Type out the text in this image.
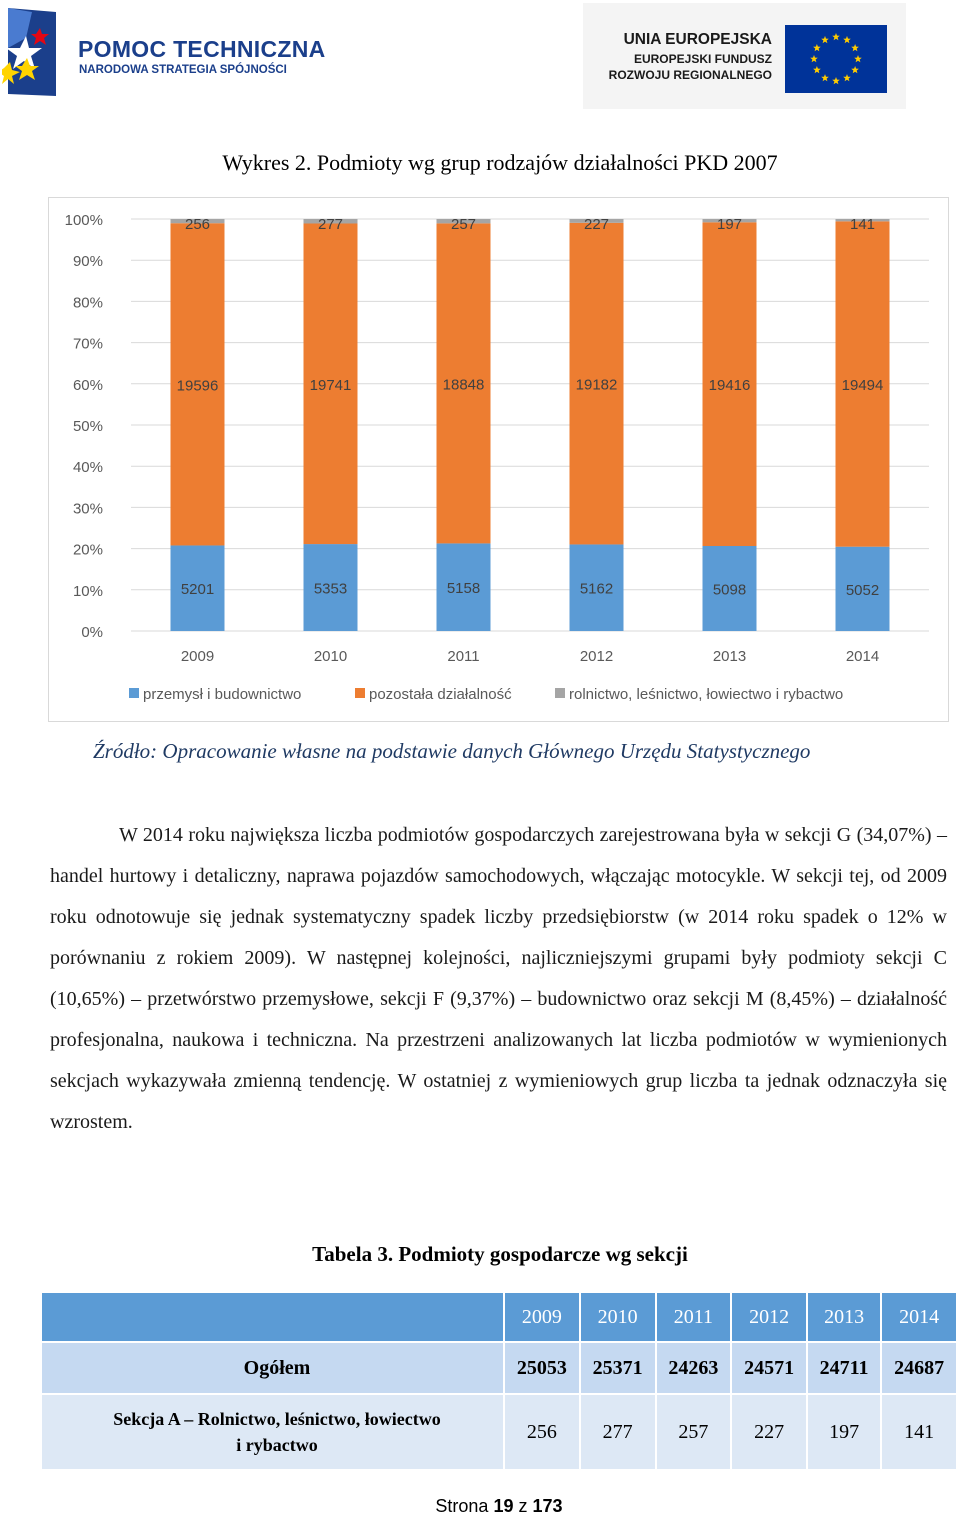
POMOC TECHNICZNA
NARODOWA STRATEGIA SPÓJNOŚCI
UNIA EUROPEJSKA
EUROPEJSKI FUNDUSZ
ROZWOJU REGIONALNEGO
Wykres 2. Podmioty wg grup rodzajów działalności PKD 2007
0%
10%
20%
30%
40%
50%
60%
70%
80%
90%
100%
5201
19596
256
2009
5353
19741
277
2010
5158
18848
257
2011
5162
19182
227
2012
5098
19416
197
2013
5052
19494
141
2014
przemysł i budownictwo	pozostała działalność	rolnictwo, leśnictwo, łowiectwo i rybactwo
Źródło: Opracowanie własne na podstawie danych Głównego Urzędu Statystycznego

W 2014 roku największa liczba podmiotów gospodarczych zarejestrowana była w sekcji G (34,07%) – handel hurtowy i detaliczny, naprawa pojazdów samochodowych, włączając motocykle. W sekcji tej, od 2009 roku odnotowuje się jednak systematyczny spadek liczby przedsiębiorstw (w 2014 roku spadek o 12% w porównaniu z rokiem 2009). W następnej kolejności, najliczniejszymi grupami były podmioty sekcji C (10,65%) – przetwórstwo przemysłowe, sekcji F (9,37%) – budownictwo oraz sekcji M (8,45%) – działalność profesjonalna, naukowa i techniczna. Na przestrzeni analizowanych lat liczba podmiotów w wymienionych sekcjach wykazywała zmienną tendencję. W ostatniej z wymieniowych grup liczba ta jednak odznaczyła się wzrostem.

Tabela 3. Podmioty gospodarcze wg sekcji
	2009	2010	2011	2012	2013	2014
Ogółem	25053	25371	24263	24571	24711	24687
Sekcja A – Rolnictwo, leśnictwo, łowiectwo
i rybactwo	256	277	257	227	197	141
Strona 19 z 173
